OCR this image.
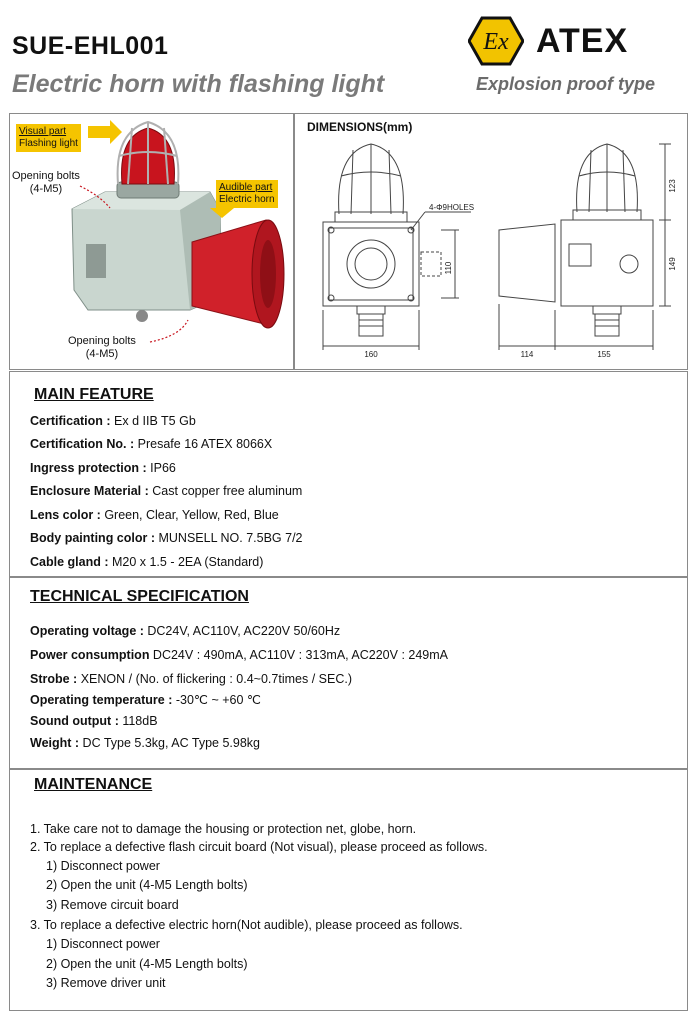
SUE-EHL001
Electric horn with flashing light
Ex ATEX
Explosion proof type
Visual part
Flashing light
Audible part
Electric horn
Opening bolts
(4-M5)
Opening bolts
(4-M5)
DIMENSIONS(mm)
4-Φ9HOLES
110
160
123
149
114	155
MAIN FEATURE
Certification : Ex d IIB T5 Gb
Certification No. : Presafe 16 ATEX 8066X
Ingress protection : IP66
Enclosure Material : Cast copper free aluminum
Lens color : Green, Clear, Yellow, Red, Blue
Body painting color : MUNSELL NO. 7.5BG 7/2
Cable gland : M20 x 1.5 - 2EA (Standard)
TECHNICAL SPECIFICATION
Operating voltage : DC24V, AC110V, AC220V 50/60Hz
Power consumption DC24V : 490mA, AC110V : 313mA, AC220V : 249mA
Strobe : XENON / (No. of flickering : 0.4~0.7times / SEC.)
Operating temperature : -30℃ ~ +60 ℃
Sound output : 118dB
Weight : DC Type 5.3kg, AC Type 5.98kg
MAINTENANCE
1. Take care not to damage the housing or protection net, globe, horn.
2. To replace a defective flash circuit board (Not visual), please proceed as follows.
1) Disconnect power
2) Open the unit (4-M5 Length bolts)
3) Remove circuit board
3. To replace a defective electric horn(Not audible), please proceed as follows.
1) Disconnect power
2) Open the unit (4-M5 Length bolts)
3) Remove driver unit
